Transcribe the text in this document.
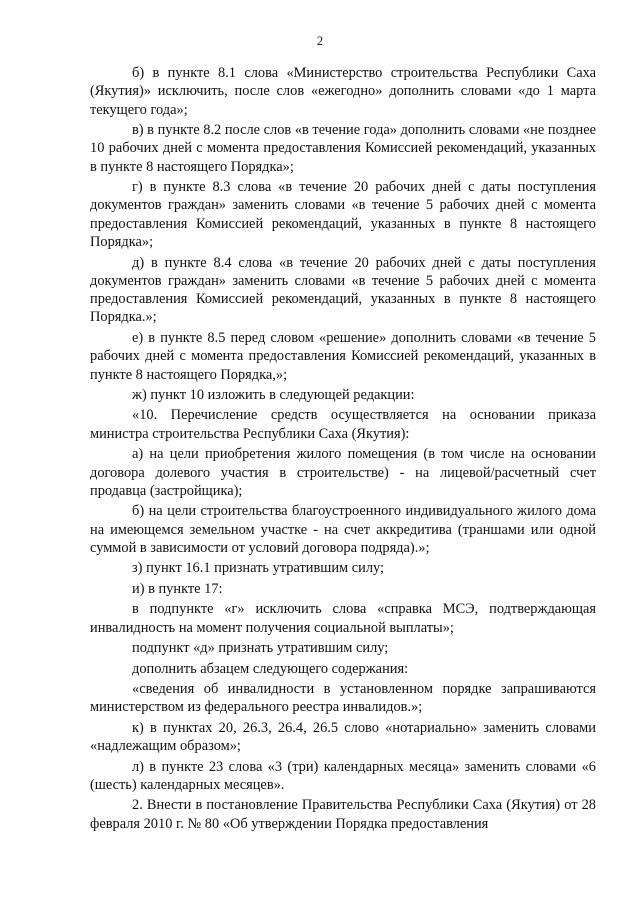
2

б) в пункте 8.1 слова «Министерство строительства Республики Саха (Якутия)» исключить, после слов «ежегодно» дополнить словами «до 1 марта текущего года»;

в) в пункте 8.2 после слов «в течение года» дополнить словами «не позднее 10 рабочих дней с момента предоставления Комиссией рекомендаций, указанных в пункте 8 настоящего Порядка»;

г) в пункте 8.3 слова «в течение 20 рабочих дней с даты поступления документов граждан» заменить словами «в течение 5 рабочих дней с момента предоставления Комиссией рекомендаций, указанных в пункте 8 настоящего Порядка»;

д) в пункте 8.4 слова «в течение 20 рабочих дней с даты поступления документов граждан» заменить словами «в течение 5 рабочих дней с момента предоставления Комиссией рекомендаций, указанных в пункте 8 настоящего Порядка.»;

е) в пункте 8.5 перед словом «решение» дополнить словами «в течение 5 рабочих дней с момента предоставления Комиссией рекомендаций, указанных в пункте 8 настоящего Порядка,»;

ж) пункт 10 изложить в следующей редакции:

«10. Перечисление средств осуществляется на основании приказа министра строительства Республики Саха (Якутия):

а) на цели приобретения жилого помещения (в том числе на основании договора долевого участия в строительстве) - на лицевой/расчетный счет продавца (застройщика);

б) на цели строительства благоустроенного индивидуального жилого дома на имеющемся земельном участке - на счет аккредитива (траншами или одной суммой в зависимости от условий договора подряда).»;

з) пункт 16.1 признать утратившим силу;

и) в пункте 17:

в подпункте «г» исключить слова «справка МСЭ, подтверждающая инвалидность на момент получения социальной выплаты»;

подпункт «д» признать утратившим силу;

дополнить абзацем следующего содержания:

«сведения об инвалидности в установленном порядке запрашиваются министерством из федерального реестра инвалидов.»;

к) в пунктах 20, 26.3, 26.4, 26.5 слово «нотариально» заменить словами «надлежащим образом»;

л) в пункте 23 слова «3 (три) календарных месяца» заменить словами «6 (шесть) календарных месяцев».

2. Внести в постановление Правительства Республики Саха (Якутия) от 28 февраля 2010 г. № 80 «Об утверждении Порядка предоставления
